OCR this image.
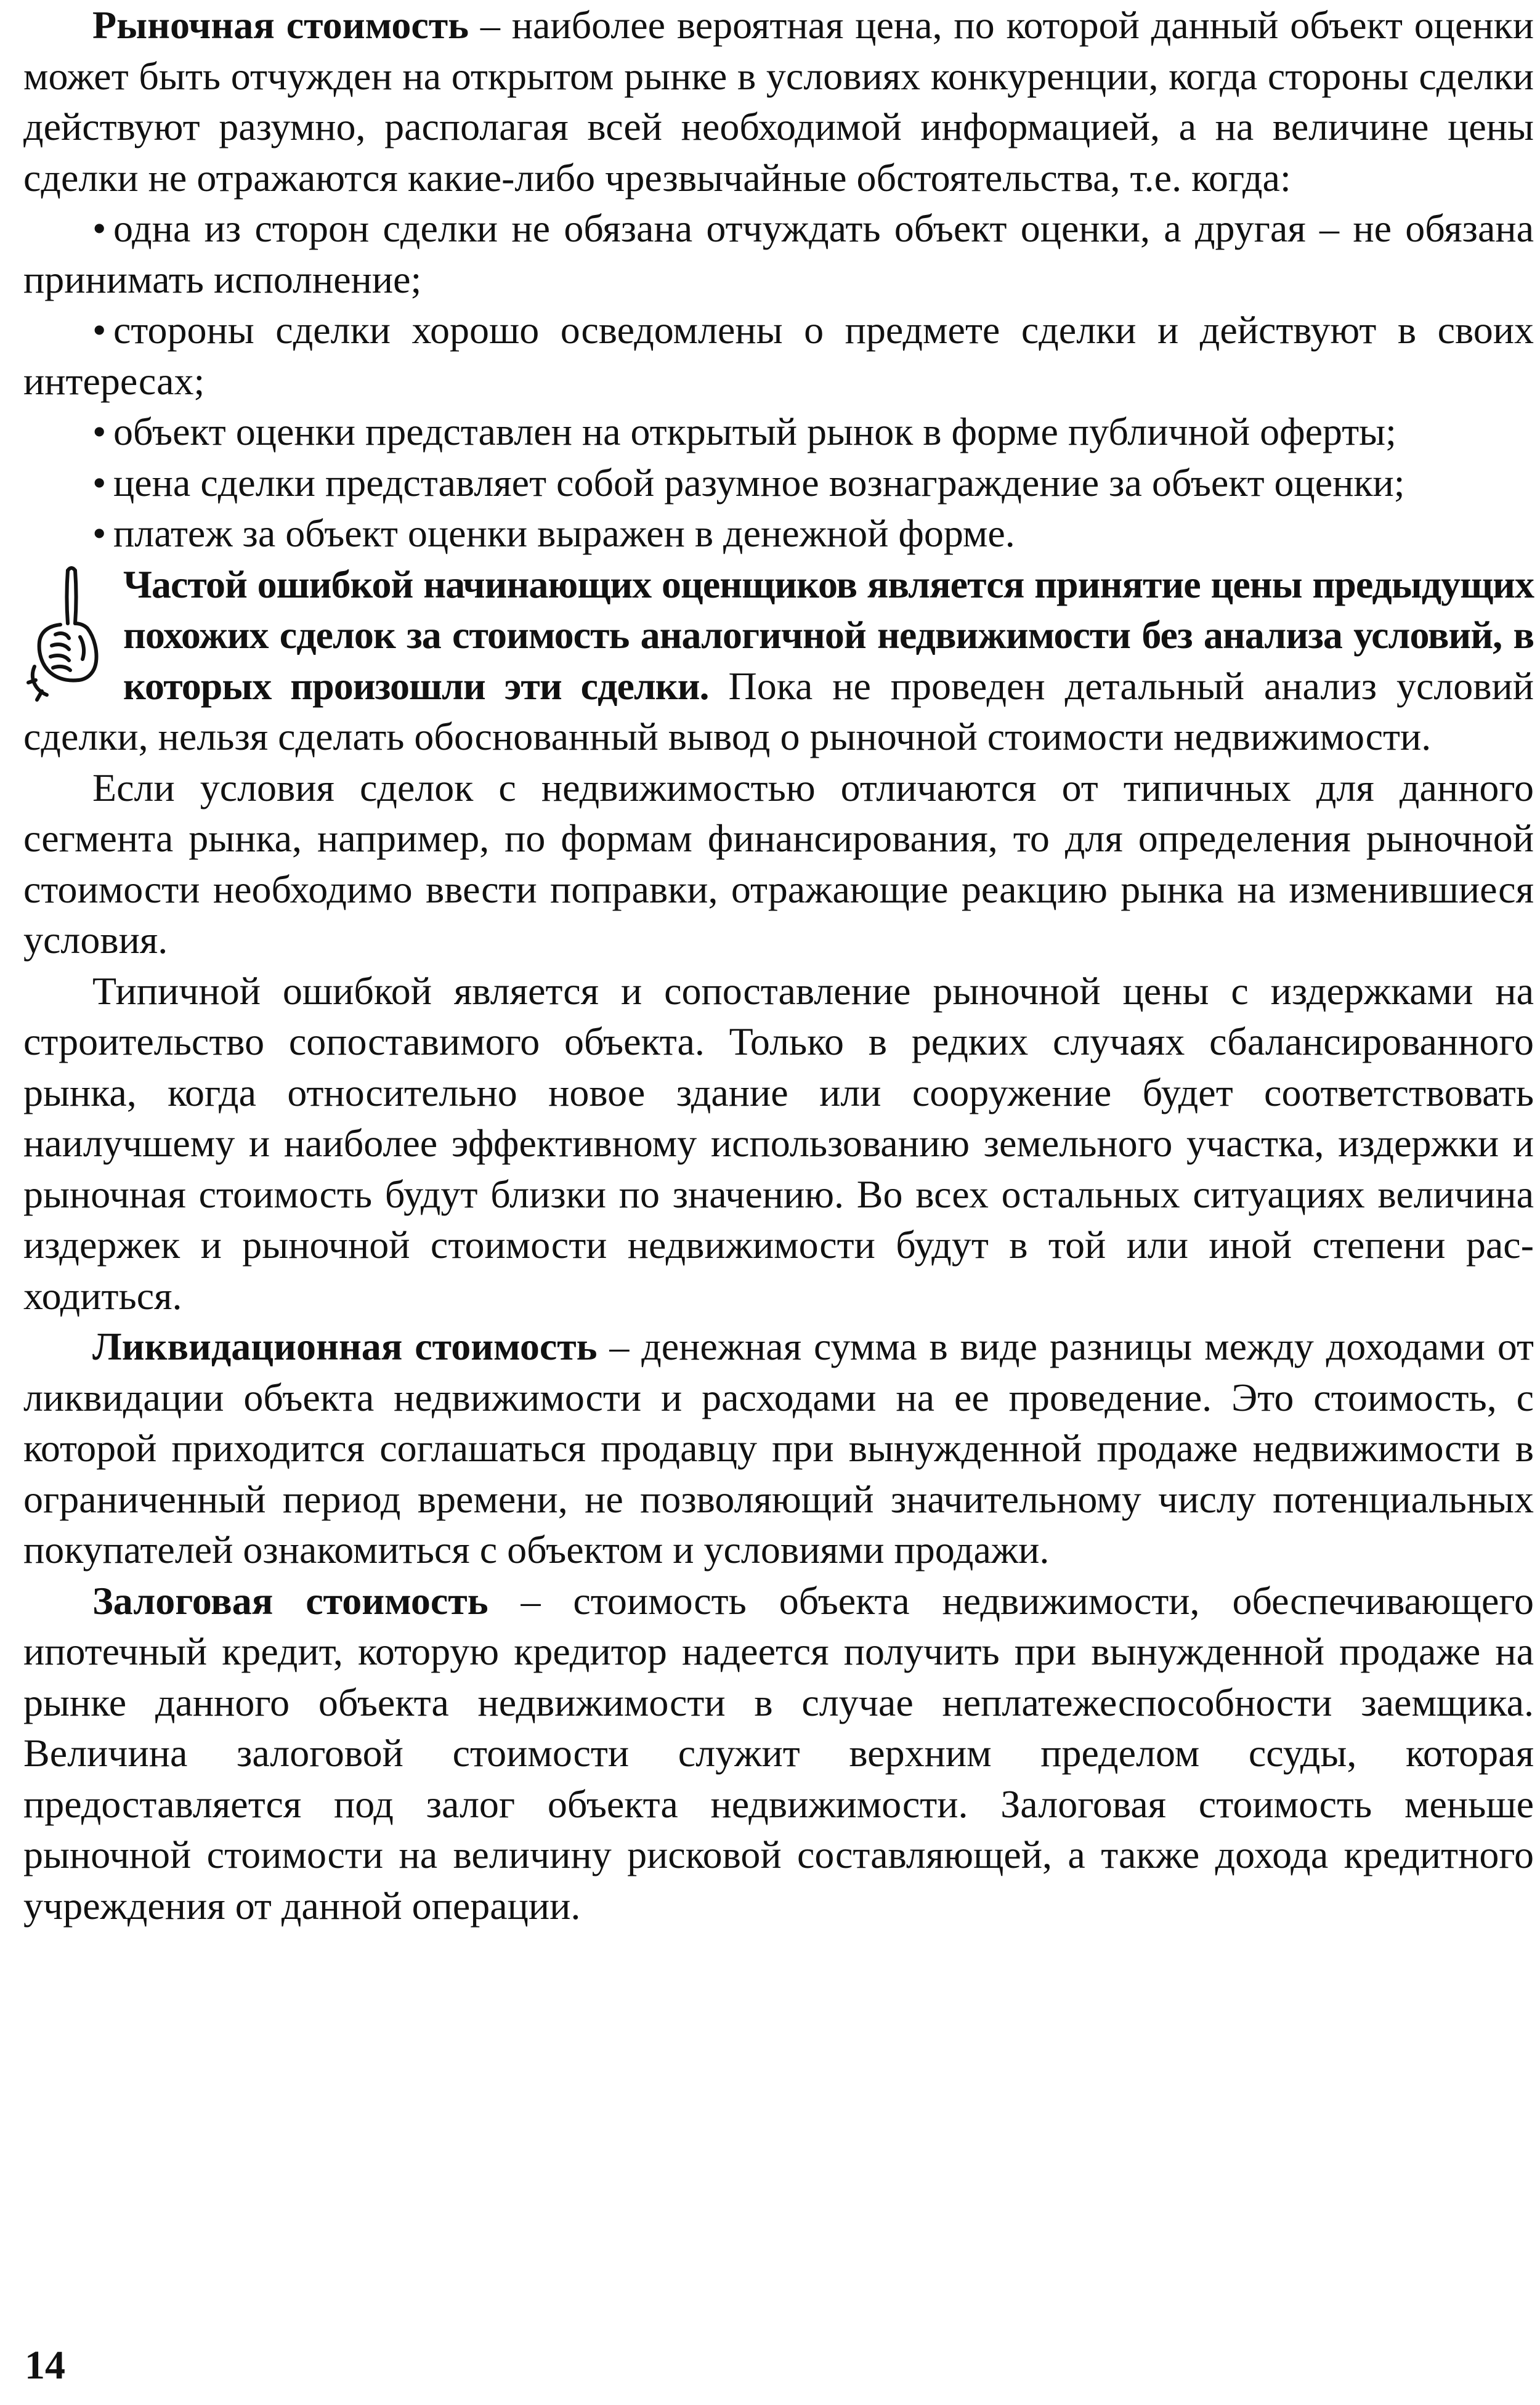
Рыночная стоимость – наиболее вероятная цена, по которой данный объект оценки может быть отчужден на открытом рынке в условиях конкуренции, когда стороны сделки действуют разумно, располагая всей необходимой информацией, а на величине цены сделки не отражаются какие-либо чрезвычайные обстоятельства, т.е. когда:

• одна из сторон сделки не обязана отчуждать объект оценки, а другая – не обязана принимать исполнение;

• стороны сделки хорошо осведомлены о предмете сделки и действуют в своих интересах;

• объект оценки представлен на открытый рынок в форме публичной оферты;

• цена сделки представляет собой разумное вознаграждение за объект оценки;

• платеж за объект оценки выражен в денежной форме.

Частой ошибкой начинающих оценщиков является принятие цены предыдущих похожих сделок за стоимость аналогичной недвижимости без анализа условий, в которых произошли эти сделки. Пока не проведен детальный анализ условий сделки, нельзя сделать обоснованный вывод о рыночной стоимости недвижимости.

Если условия сделок с недвижимостью отличаются от типичных для данного сегмента рынка, например, по формам финансирования, то для определения рыночной стоимости необходимо ввести поправки, отражающие реакцию рынка на изменившиеся условия.

Типичной ошибкой является и сопоставление рыночной цены с издержками на строительство сопоставимого объекта. Только в редких случаях сбалансированного рынка, когда относительно новое здание или сооружение будет соответствовать наилучшему и наиболее эффективному использованию земельного участка, издержки и рыночная стоимость будут близки по значению. Во всех остальных ситуациях величина издержек и рыночной стоимости недвижимости будут в той или иной степени расходиться.

Ликвидационная стоимость – денежная сумма в виде разницы между доходами от ликвидации объекта недвижимости и расходами на ее проведение. Это стоимость, с которой приходится соглашаться продавцу при вынужденной продаже недвижимости в ограниченный период времени, не позволяющий значительному числу потенциальных покупателей ознакомиться с объектом и условиями продажи.

Залоговая стоимость – стоимость объекта недвижимости, обеспечивающего ипотечный кредит, которую кредитор надеется получить при вынужденной продаже на рынке данного объекта недвижимости в случае неплатежеспособности заемщика. Величина залоговой стоимости служит верхним пределом ссуды, которая предоставляется под залог объекта недвижимости. Залоговая стоимость меньше рыночной стоимости на величину рисковой составляющей, а также дохода кредитного учреждения от данной операции.

14
